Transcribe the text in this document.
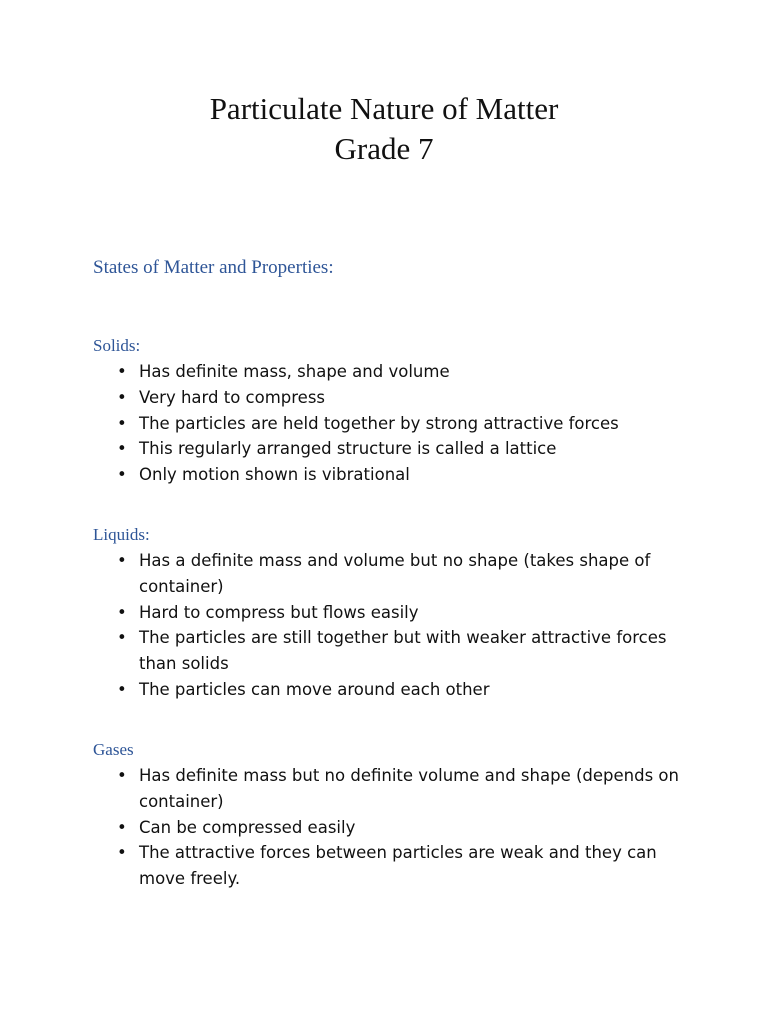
Particulate Nature of Matter
Grade 7
States of Matter and Properties:
Solids:
• Has definite mass, shape and volume
• Very hard to compress
• The particles are held together by strong attractive forces
• This regularly arranged structure is called a lattice
• Only motion shown is vibrational
Liquids:
• Has a definite mass and volume but no shape (takes shape of container)
• Hard to compress but flows easily
• The particles are still together but with weaker attractive forces than solids
• The particles can move around each other
Gases
• Has definite mass but no definite volume and shape (depends on container)
• Can be compressed easily
• The attractive forces between particles are weak and they can move freely.
